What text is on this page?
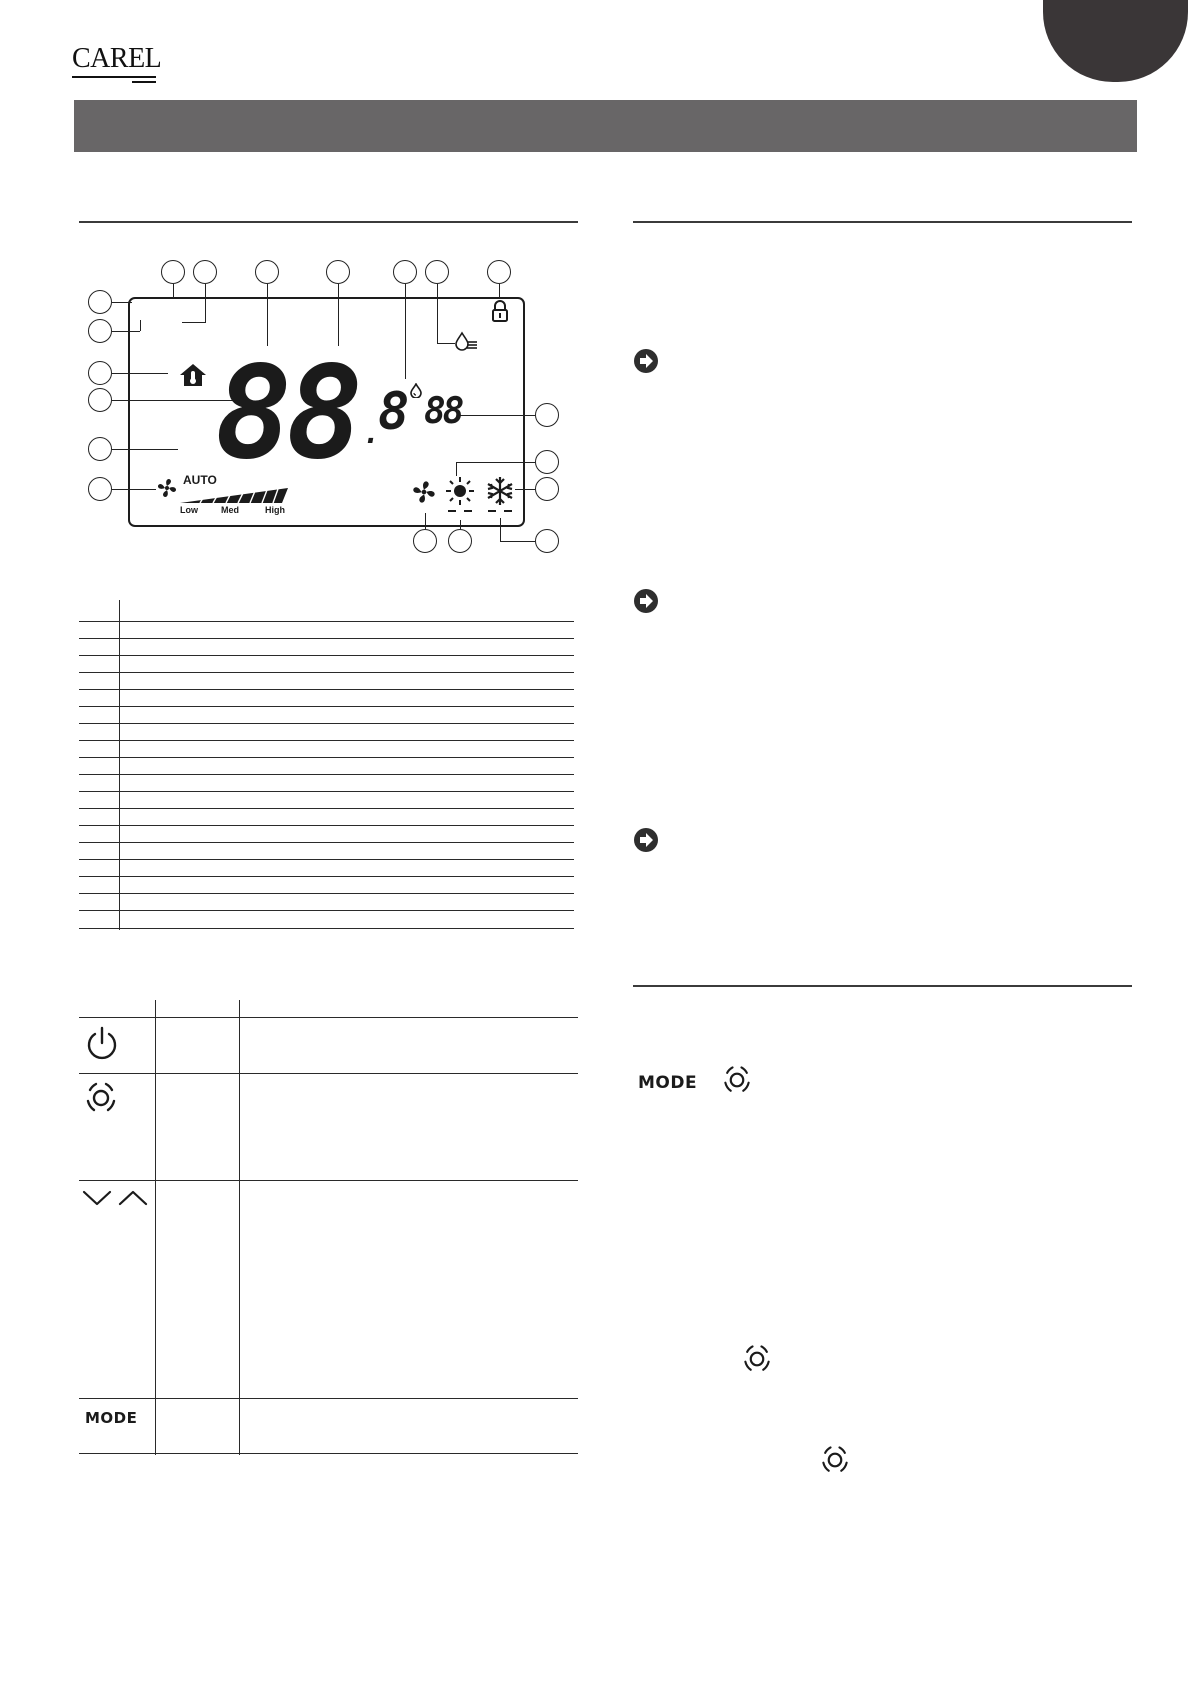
CAREL
88 .
8 88
AUTO
Low	Med	High
MODE
MODE
